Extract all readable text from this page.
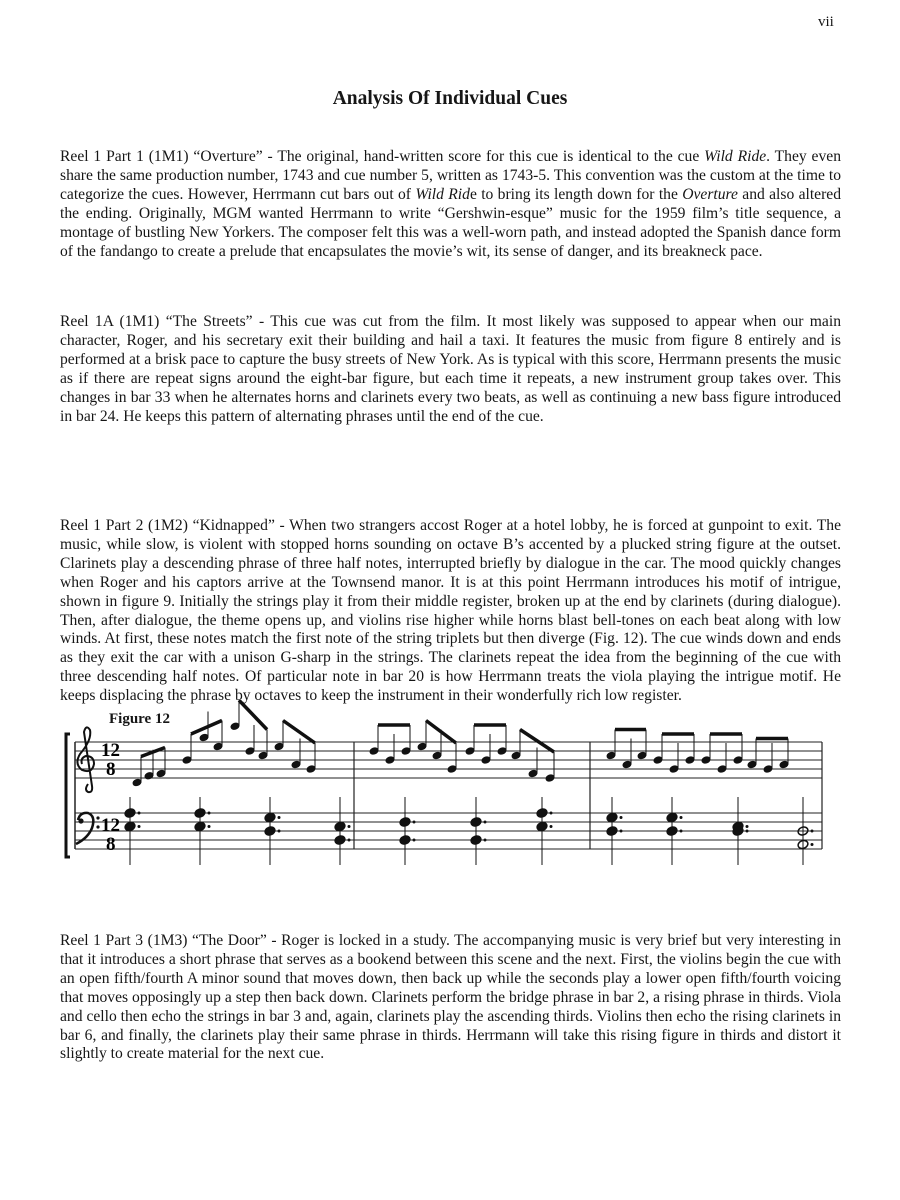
vii
Analysis Of Individual Cues

Reel 1 Part 1 (1M1) “Overture” - The original, hand-written score for this cue is identical to the cue Wild Ride. They even share the same production number, 1743 and cue number 5, written as 1743-5. This convention was the custom at the time to categorize the cues. However, Herrmann cut bars out of Wild Ride to bring its length down for the Overture and also altered the ending. Originally, MGM wanted Herrmann to write “Gershwin-esque” music for the 1959 film’s title sequence, a montage of bustling New Yorkers. The composer felt this was a well-worn path, and instead adopted the Spanish dance form of the fandango to create a prelude that encapsulates the movie’s wit, its sense of danger, and its breakneck pace.

Reel 1A (1M1) “The Streets” - This cue was cut from the film. It most likely was supposed to appear when our main character, Roger, and his secretary exit their building and hail a taxi. It features the music from figure 8 entirely and is performed at a brisk pace to capture the busy streets of New York. As is typical with this score, Herrmann presents the music as if there are repeat signs around the eight-bar figure, but each time it repeats, a new instrument group takes over. This changes in bar 33 when he alternates horns and clarinets every two beats, as well as continuing a new bass figure introduced in bar 24. He keeps this pattern of alternating phrases until the end of the cue.

Reel 1 Part 2 (1M2) “Kidnapped” - When two strangers accost Roger at a hotel lobby, he is forced at gunpoint to exit. The music, while slow, is violent with stopped horns sounding on octave B’s accented by a plucked string figure at the outset. Clarinets play a descending phrase of three half notes, interrupted briefly by dialogue in the car. The mood quickly changes when Roger and his captors arrive at the Townsend manor. It is at this point Herrmann introduces his motif of intrigue, shown in figure 9. Initially the strings play it from their middle register, broken up at the end by clarinets (during dialogue). Then, after dialogue, the theme opens up, and violins rise higher while horns blast bell-tones on each beat along with low winds. At first, these notes match the first note of the string triplets but then diverge (Fig. 12). The cue winds down and ends as they exit the car with a unison G-sharp in the strings. The clarinets repeat the idea from the beginning of the cue with three descending half notes. Of particular note in bar 20 is how Herrmann treats the viola playing the intrigue motif. He keeps displacing the phrase by octaves to keep the instrument in their wonderfully rich low register.

Figure 12
12
8
12
8

Reel 1 Part 3 (1M3) “The Door” - Roger is locked in a study. The accompanying music is very brief but very interesting in that it introduces a short phrase that serves as a bookend between this scene and the next. First, the violins begin the cue with an open fifth/fourth A minor sound that moves down, then back up while the seconds play a lower open fifth/fourth voicing that moves opposingly up a step then back down. Clarinets perform the bridge phrase in bar 2, a rising phrase in thirds. Viola and cello then echo the strings in bar 3 and, again, clarinets play the ascending thirds. Violins then echo the rising clarinets in bar 6, and finally, the clarinets play their same phrase in thirds. Herrmann will take this rising figure in thirds and distort it slightly to create material for the next cue.
